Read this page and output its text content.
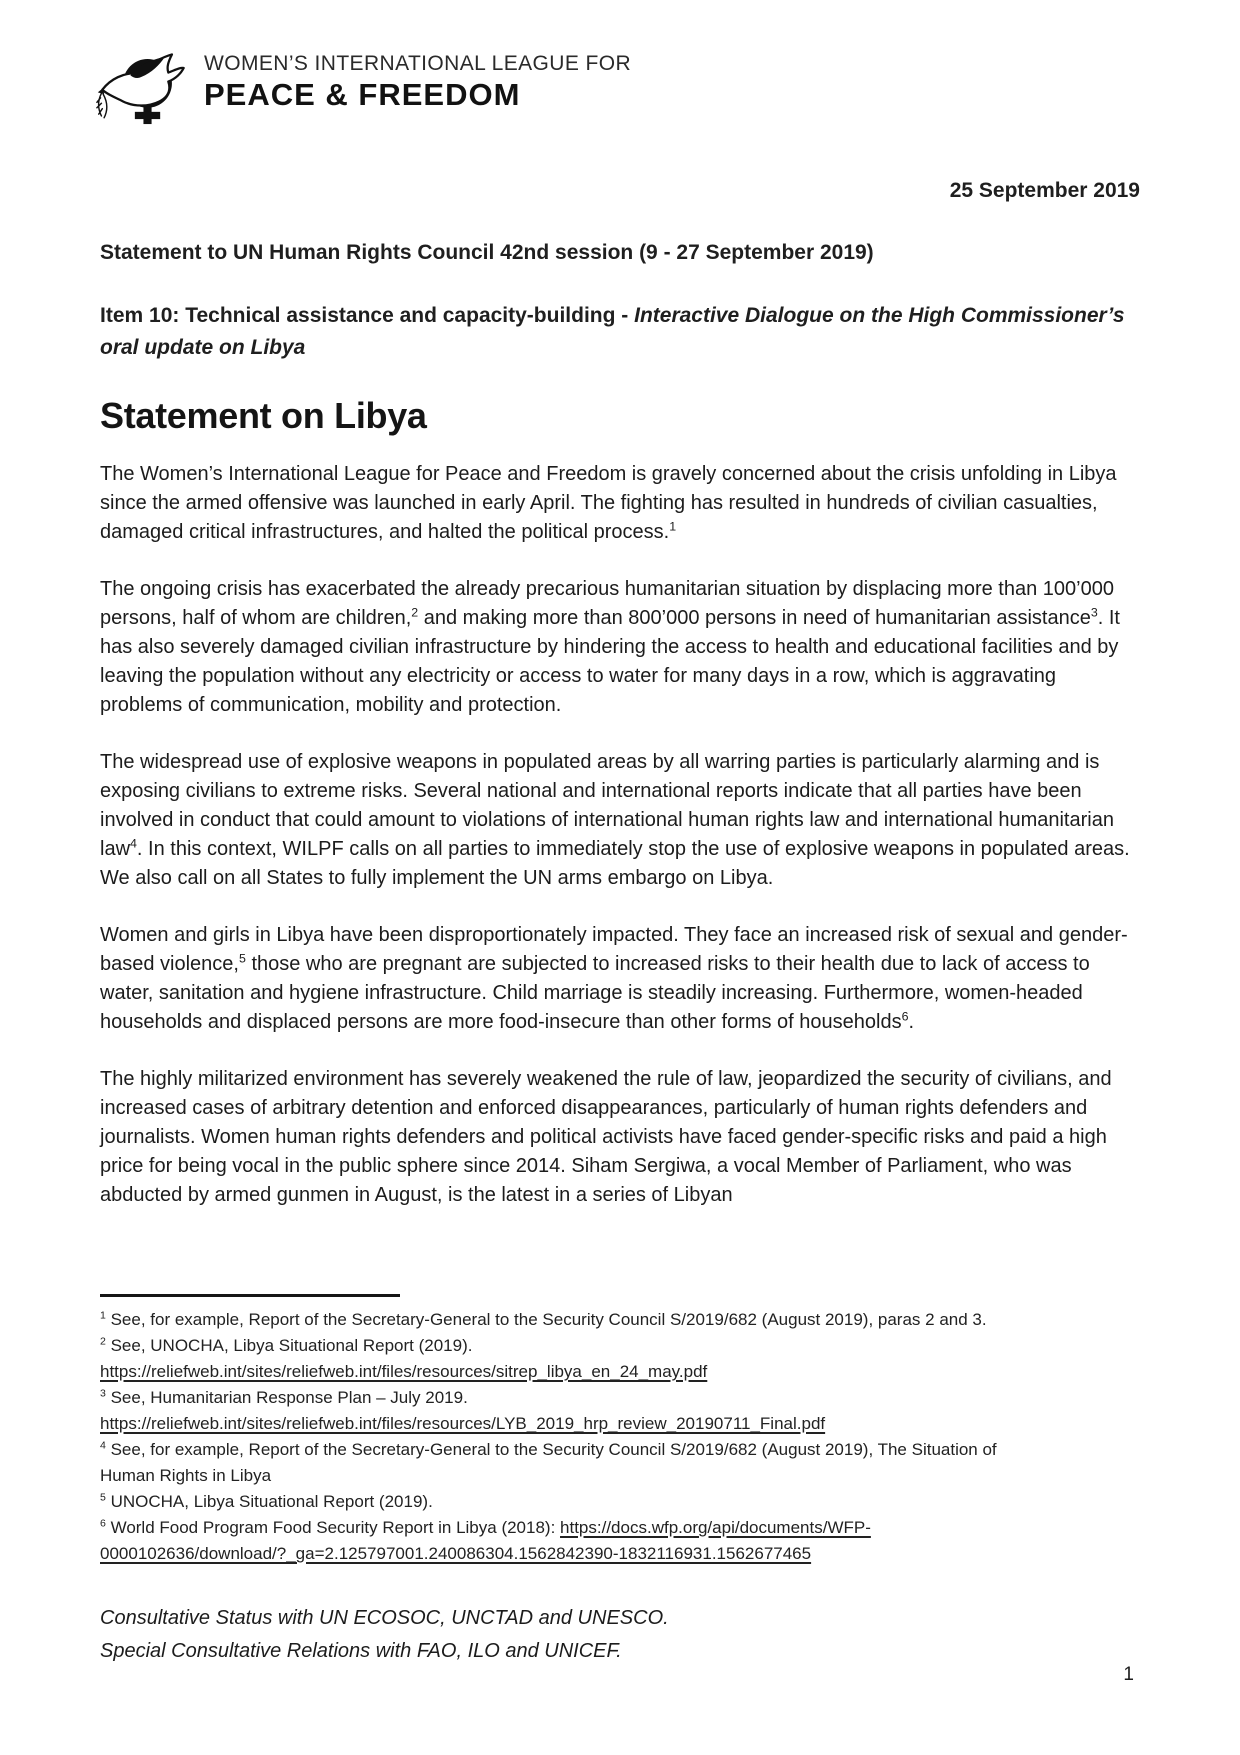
WOMEN’S INTERNATIONAL LEAGUE FOR
PEACE & FREEDOM
25 September 2019
Statement to UN Human Rights Council 42nd session (9 - 27 September 2019)
Item 10: Technical assistance and capacity-building - Interactive Dialogue on the High Commissioner’s oral update on Libya
Statement on Libya

The Women’s International League for Peace and Freedom is gravely concerned about the crisis unfolding in Libya since the armed offensive was launched in early April. The fighting has resulted in hundreds of civilian casualties, damaged critical infrastructures, and halted the political process.$^1$

The ongoing crisis has exacerbated the already precarious humanitarian situation by displacing more than 100’000 persons, half of whom are children,$^2$ and making more than 800’000 persons in need of humanitarian assistance$^3$. It has also severely damaged civilian infrastructure by hindering the access to health and educational facilities and by leaving the population without any electricity or access to water for many days in a row, which is aggravating problems of communication, mobility and protection.

The widespread use of explosive weapons in populated areas by all warring parties is particularly alarming and is exposing civilians to extreme risks. Several national and international reports indicate that all parties have been involved in conduct that could amount to violations of international human rights law and international humanitarian law$^4$. In this context, WILPF calls on all parties to immediately stop the use of explosive weapons in populated areas. We also call on all States to fully implement the UN arms embargo on Libya.

Women and girls in Libya have been disproportionately impacted. They face an increased risk of sexual and gender-based violence,$^5$ those who are pregnant are subjected to increased risks to their health due to lack of access to water, sanitation and hygiene infrastructure. Child marriage is steadily increasing. Furthermore, women-headed households and displaced persons are more food-insecure than other forms of households$^6$.

The highly militarized environment has severely weakened the rule of law, jeopardized the security of civilians, and increased cases of arbitrary detention and enforced disappearances, particularly of human rights defenders and journalists. Women human rights defenders and political activists have faced gender-specific risks and paid a high price for being vocal in the public sphere since 2014. Siham Sergiwa, a vocal Member of Parliament, who was abducted by armed gunmen in August, is the latest in a series of Libyan

$^1$ See, for example, Report of the Secretary-General to the Security Council S/2019/682 (August 2019), paras 2 and 3.

$^2$ See, UNOCHA, Libya Situational Report (2019).
https://reliefweb.int/sites/reliefweb.int/files/resources/sitrep_libya_en_24_may.pdf

$^3$ See, Humanitarian Response Plan – July 2019.
https://reliefweb.int/sites/reliefweb.int/files/resources/LYB_2019_hrp_review_20190711_Final.pdf

$^4$ See, for example, Report of the Secretary-General to the Security Council S/2019/682 (August 2019), The Situation of
Human Rights in Libya

$^5$ UNOCHA, Libya Situational Report (2019).

$^6$ World Food Program Food Security Report in Libya (2018): https://docs.wfp.org/api/documents/WFP-
0000102636/download/?_ga=2.125797001.240086304.1562842390-1832116931.1562677465

Consultative Status with UN ECOSOC, UNCTAD and UNESCO.
Special Consultative Relations with FAO, ILO and UNICEF.
1
